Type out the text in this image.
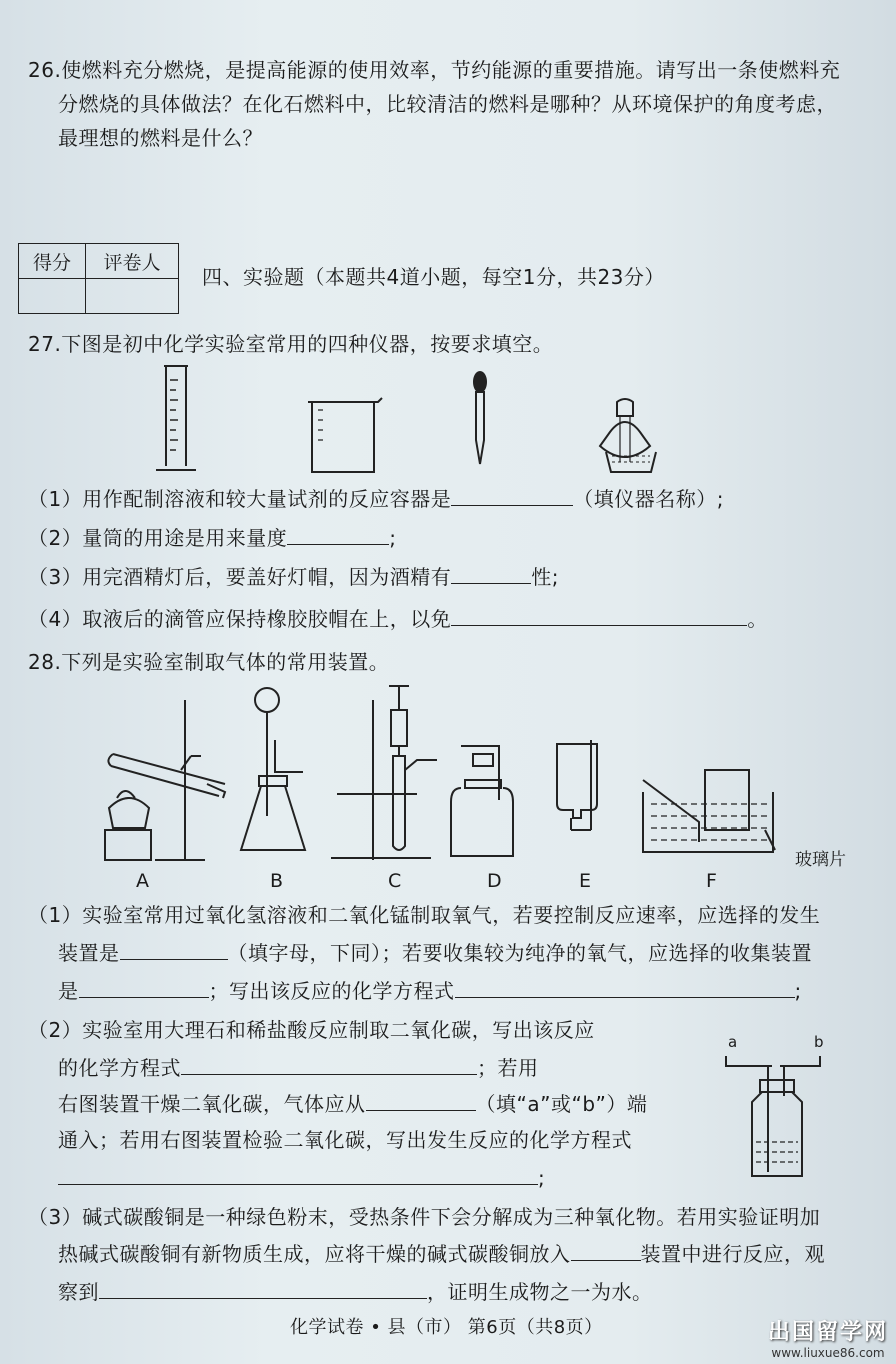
26.使燃料充分燃烧，是提高能源的使用效率，节约能源的重要措施。请写出一条使燃料充
分燃烧的具体做法？在化石燃料中，比较清洁的燃料是哪种？从环境保护的角度考虑，
最理想的燃料是什么？
得分	评卷人

四、实验题（本题共4道小题，每空1分，共23分）
27.下图是初中化学实验室常用的四种仪器，按要求填空。
（1）用作配制溶液和较大量试剂的反应容器是	（填仪器名称）;
（2）量筒的用途是用来量度	;
（3）用完酒精灯后，要盖好灯帽，因为酒精有	性;
（4）取液后的滴管应保持橡胶胶帽在上，以免	。
28.下列是实验室制取气体的常用装置。
A	B	C	D	E	F
玻璃片
（1）实验室常用过氧化氢溶液和二氧化锰制取氧气，若要控制反应速率，应选择的发生
装置是	（填字母，下同）；若要收集较为纯净的氧气，应选择的收集装置
是	；写出该反应的化学方程式	;
（2）实验室用大理石和稀盐酸反应制取二氧化碳，写出该反应
的化学方程式	；若用
右图装置干燥二氧化碳，气体应从	（填“a”或“b”）端
通入；若用右图装置检验二氧化碳，写出发生反应的化学方程式
;
a	b
（3）碱式碳酸铜是一种绿色粉末，受热条件下会分解成为三种氧化物。若用实验证明加
热碱式碳酸铜有新物质生成，应将干燥的碱式碳酸铜放入	装置中进行反应，观
察到	，证明生成物之一为水。
化学试卷 • 县（市） 第6页（共8页）	出国留学网
www.liuxue86.com
